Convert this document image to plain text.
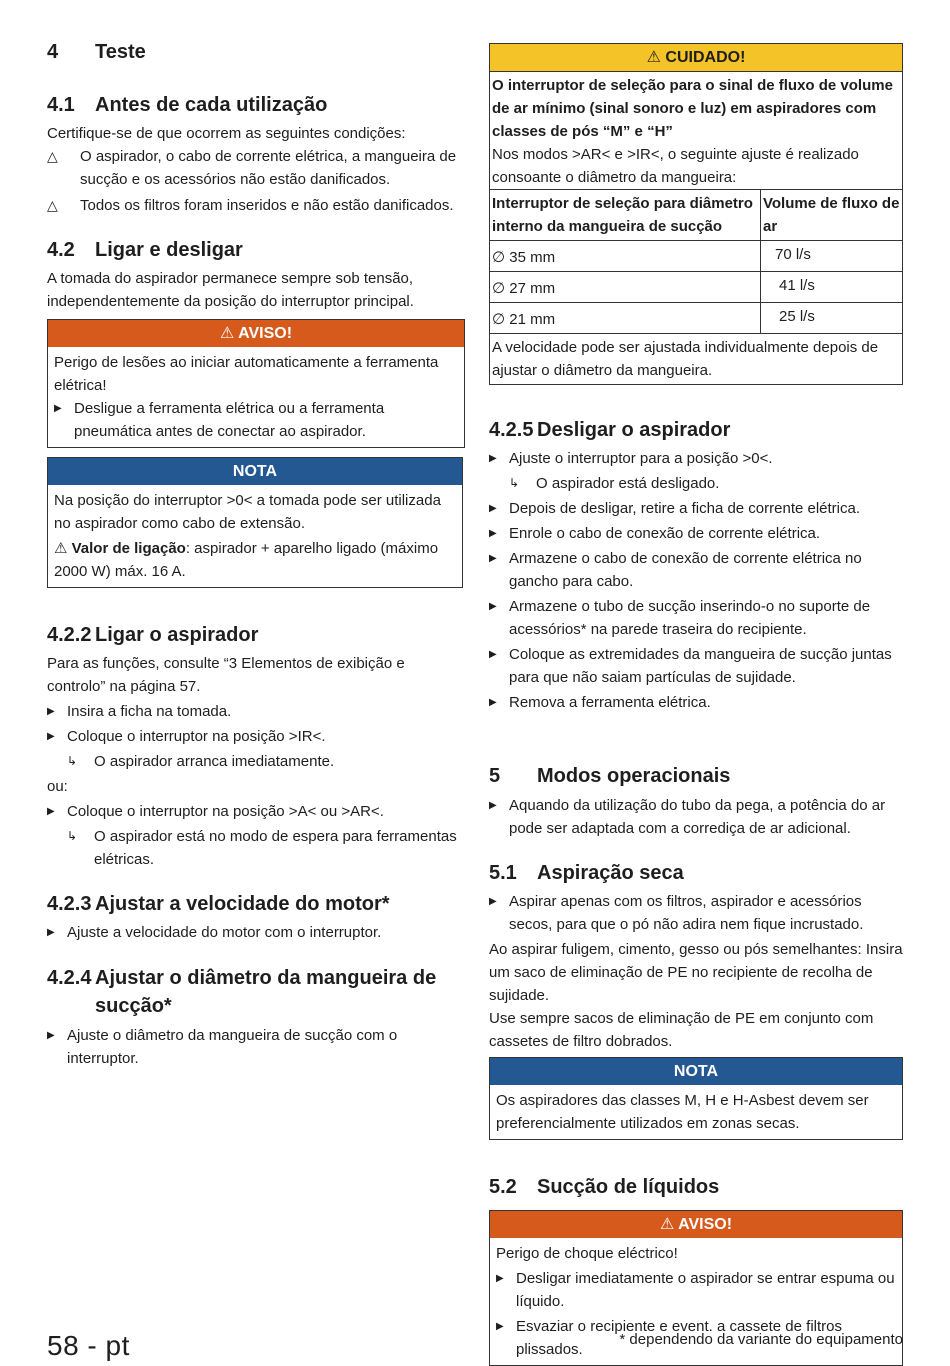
4	Teste
4.1	Antes de cada utilização

Certifique-se de que ocorrem as seguintes condições:

△	O aspirador, o cabo de corrente elétrica, a mangueira de sucção e os acessórios não estão danificados.
△	Todos os filtros foram inseridos e não estão danificados.
4.2	Ligar e desligar

A tomada do aspirador permanece sempre sob tensão, independentemente da posição do interruptor principal.

⚠ AVISO!

Perigo de lesões ao iniciar automaticamente a ferramenta elétrica!

▶ Desligue a ferramenta elétrica ou a ferramenta pneumática antes de conectar ao aspirador.
NOTA

Na posição do interruptor >0< a tomada pode ser utilizada no aspirador como cabo de extensão.

⚠ Valor de ligação: aspirador + aparelho ligado (máximo 2000 W) máx. 16 A.

4.2.2 Ligar o aspirador

Para as funções, consulte “3 Elementos de exibição e controlo” na página 57.

▶ Insira a ficha na tomada.
▶ Coloque o interruptor na posição >IR<.
↳	O aspirador arranca imediatamente.

ou:

▶ Coloque o interruptor na posição >A< ou >AR<.
↳	O aspirador está no modo de espera para ferramentas elétricas.
4.2.3 Ajustar a velocidade do motor*
▶ Ajuste a velocidade do motor com o interruptor.
4.2.4 Ajustar o diâmetro da mangueira de sucção*
▶ Ajuste o diâmetro da mangueira de sucção com o interruptor.
⚠ CUIDADO!

O interruptor de seleção para o sinal de fluxo de volume de ar mínimo (sinal sonoro e luz) em aspiradores com classes de pós “M” e “H”

Nos modos >AR< e >IR<, o seguinte ajuste é realizado consoante o diâmetro da mangueira:

Interruptor de seleção para diâmetro interno da mangueira de sucção	Volume de fluxo de ar
∅ 35 mm	70 l/s
∅ 27 mm	41 l/s
∅ 21 mm	25 l/s
A velocidade pode ser ajustada individualmente depois de ajustar o diâmetro da mangueira.	
4.2.5 Desligar o aspirador
▶ Ajuste o interruptor para a posição >0<.
↳	O aspirador está desligado.
▶ Depois de desligar, retire a ficha de corrente elétrica.
▶ Enrole o cabo de conexão de corrente elétrica.
▶ Armazene o cabo de conexão de corrente elétrica no gancho para cabo.
▶ Armazene o tubo de sucção inserindo-o no suporte de acessórios* na parede traseira do recipiente.
▶ Coloque as extremidades da mangueira de sucção juntas para que não saiam partículas de sujidade.
▶ Remova a ferramenta elétrica.
5	Modos operacionais
▶ Aquando da utilização do tubo da pega, a potência do ar pode ser adaptada com a corrediça de ar adicional.
5.1	Aspiração seca
▶ Aspirar apenas com os filtros, aspirador e acessórios secos, para que o pó não adira nem fique incrustado.

Ao aspirar fuligem, cimento, gesso ou pós semelhantes: Insira um saco de eliminação de PE no recipiente de recolha de sujidade.

Use sempre sacos de eliminação de PE em conjunto com cassetes de filtro dobrados.

NOTA
Os aspiradores das classes M, H e H-Asbest devem ser preferencialmente utilizados em zonas secas.
5.2	Sucção de líquidos
⚠ AVISO!

Perigo de choque eléctrico!

▶ Desligar imediatamente o aspirador se entrar espuma ou líquido.
▶ Esvaziar o recipiente e event. a cassete de filtros plissados.
58 - pt	* dependendo da variante do equipamento
